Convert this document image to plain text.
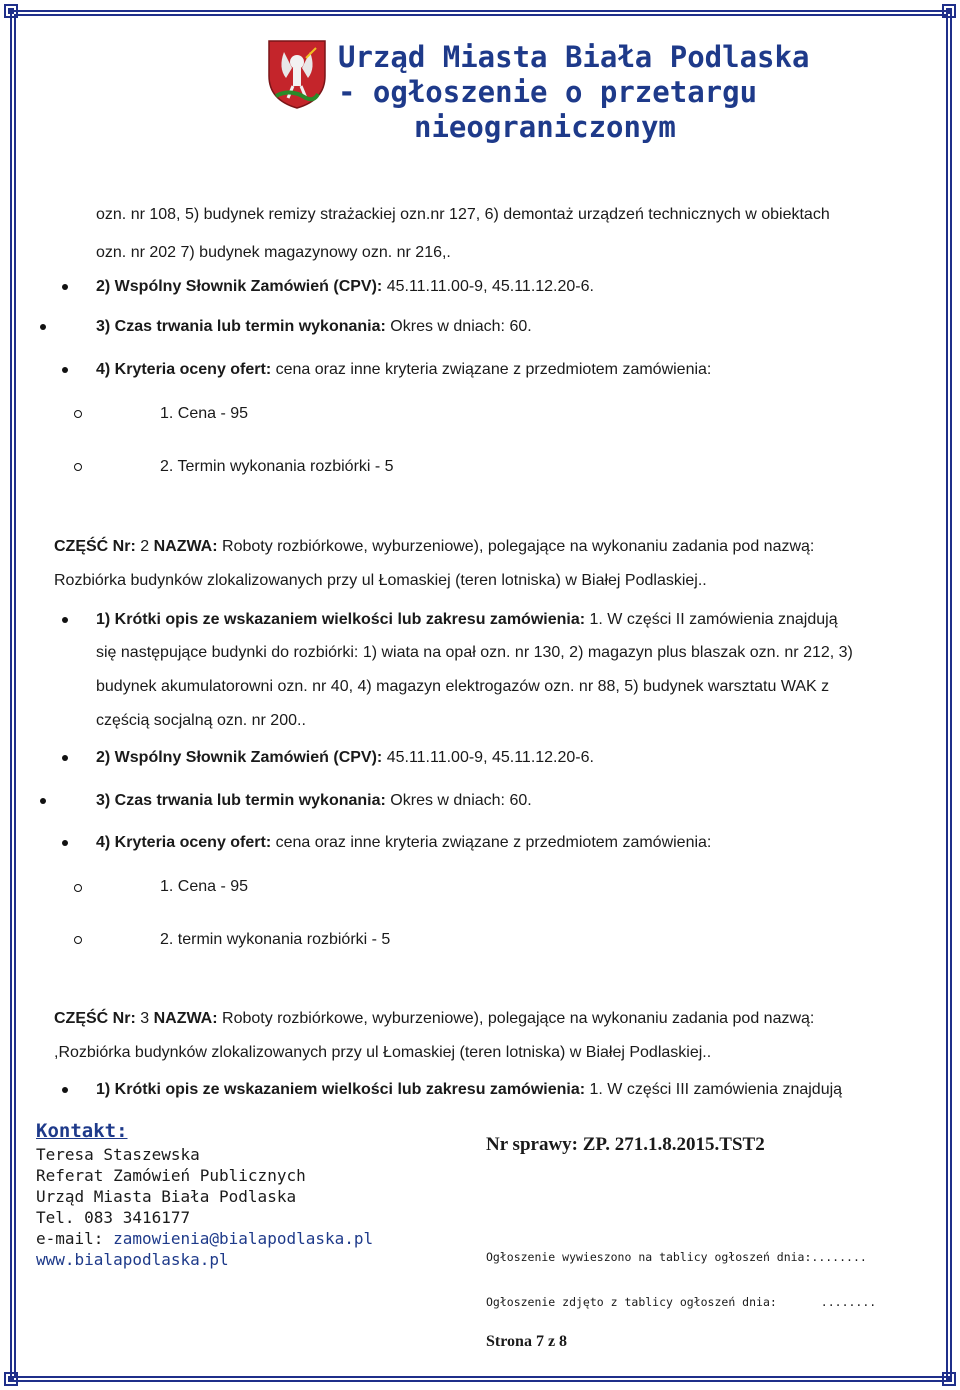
Urząd Miasta Biała Podlaska
- ogłoszenie o przetargu
nieograniczonym
ozn. nr 108, 5) budynek remizy strażackiej ozn.nr 127, 6) demontaż urządzeń technicznych w obiektach
ozn. nr 202 7) budynek magazynowy ozn. nr 216,.
2) Wspólny Słownik Zamówień (CPV): 45.11.11.00-9, 45.11.12.20-6.
3) Czas trwania lub termin wykonania: Okres w dniach: 60.
4) Kryteria oceny ofert: cena oraz inne kryteria związane z przedmiotem zamówienia:
1. Cena - 95
2. Termin wykonania rozbiórki - 5
CZĘŚĆ Nr: 2 NAZWA: Roboty rozbiórkowe, wyburzeniowe), polegające na wykonaniu zadania pod nazwą:
Rozbiórka budynków zlokalizowanych przy ul Łomaskiej (teren lotniska) w Białej Podlaskiej..
1) Krótki opis ze wskazaniem wielkości lub zakresu zamówienia: 1. W części II zamówienia znajdują
się następujące budynki do rozbiórki: 1) wiata na opał ozn. nr 130, 2) magazyn plus blaszak ozn. nr 212, 3)
budynek akumulatorowni ozn. nr 40, 4) magazyn elektrogazów ozn. nr 88, 5) budynek warsztatu WAK z
częścią socjalną ozn. nr 200..
2) Wspólny Słownik Zamówień (CPV): 45.11.11.00-9, 45.11.12.20-6.
3) Czas trwania lub termin wykonania: Okres w dniach: 60.
4) Kryteria oceny ofert: cena oraz inne kryteria związane z przedmiotem zamówienia:
1. Cena - 95
2. termin wykonania rozbiórki - 5
CZĘŚĆ Nr: 3 NAZWA: Roboty rozbiórkowe, wyburzeniowe), polegające na wykonaniu zadania pod nazwą:
,Rozbiórka budynków zlokalizowanych przy ul Łomaskiej (teren lotniska) w Białej Podlaskiej..
1) Krótki opis ze wskazaniem wielkości lub zakresu zamówienia: 1. W części III zamówienia znajdują
Kontakt:
Teresa Staszewska
Referat Zamówień Publicznych
Urząd Miasta Biała Podlaska
Tel. 083 3416177
e-mail: zamowienia@bialapodlaska.pl
www.bialapodlaska.pl
Nr sprawy: ZP. 271.1.8.2015.TST2
Ogłoszenie wywieszono na tablicy ogłoszeń dnia:........
Ogłoszenie zdjęto z tablicy ogłoszeń dnia:	........
Strona 7 z 8
